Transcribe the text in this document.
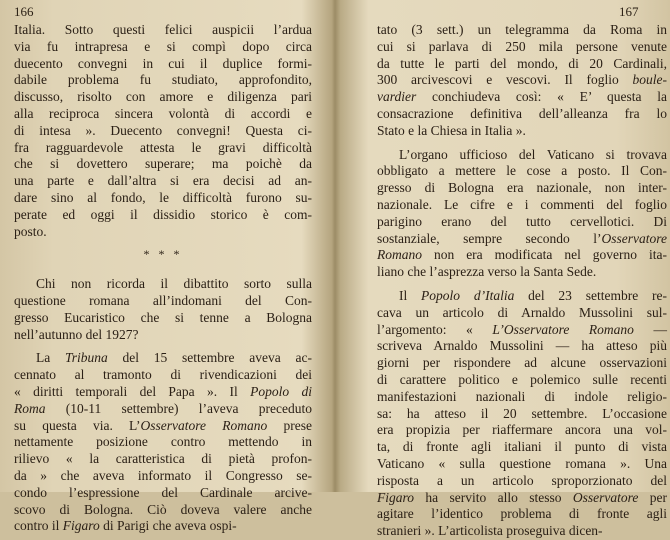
166

Italia. Sotto questi felici auspicii l’ardua

via fu intrapresa e si compì dopo circa

duecento convegni in cui il duplice formi-

dabile problema fu studiato, approfondito,

discusso, risolto con amore e diligenza pari

alla reciproca sincera volontà di accordi e

di intesa ». Duecento convegni! Questa ci-

fra ragguardevole attesta le gravi difficoltà

che si dovettero superare; ma poichè da

una parte e dall’altra si era decisi ad an-

dare sino al fondo, le difficoltà furono su-

perate ed oggi il dissidio storico è com-

posto.

* * *

Chi non ricorda il dibattito sorto sulla

questione romana all’indomani del Con-

gresso Eucaristico che si tenne a Bologna

nell’autunno del 1927?

La Tribuna del 15 settembre aveva ac-

cennato al tramonto di rivendicazioni dei

« diritti temporali del Papa ». Il Popolo di

Roma (10-11 settembre) l’aveva preceduto

su questa via. L’Osservatore Romano prese

nettamente posizione contro mettendo in

rilievo « la caratteristica di pietà profon-

da » che aveva informato il Congresso se-

condo l’espressione del Cardinale arcive-

scovo di Bologna. Ciò doveva valere anche

contro il Figaro di Parigi che aveva ospi-

167

tato (3 sett.) un telegramma da Roma in

cui si parlava di 250 mila persone venute

da tutte le parti del mondo, di 20 Cardinali,

300 arcivescovi e vescovi. Il foglio boule-

vardier conchiudeva così: « E’ questa la

consacrazione definitiva dell’alleanza fra lo

Stato e la Chiesa in Italia ».

L’organo ufficioso del Vaticano si trovava

obbligato a mettere le cose a posto. Il Con-

gresso di Bologna era nazionale, non inter-

nazionale. Le cifre e i commenti del foglio

parigino erano del tutto cervellotici. Di

sostanziale, sempre secondo l’Osservatore

Romano non era modificata nel governo ita-

liano che l’asprezza verso la Santa Sede.

Il Popolo d’Italia del 23 settembre re-

cava un articolo di Arnaldo Mussolini sul-

l’argomento: « L’Osservatore Romano —

scriveva Arnaldo Mussolini — ha atteso più

giorni per rispondere ad alcune osservazioni

di carattere politico e polemico sulle recenti

manifestazioni nazionali di indole religio-

sa: ha atteso il 20 settembre. L’occasione

era propizia per riaffermare ancora una vol-

ta, di fronte agli italiani il punto di vista

Vaticano « sulla questione romana ». Una

risposta a un articolo sproporzionato del

Figaro ha servito allo stesso Osservatore per

agitare l’identico problema di fronte agli

stranieri ». L’articolista proseguiva dicen-
